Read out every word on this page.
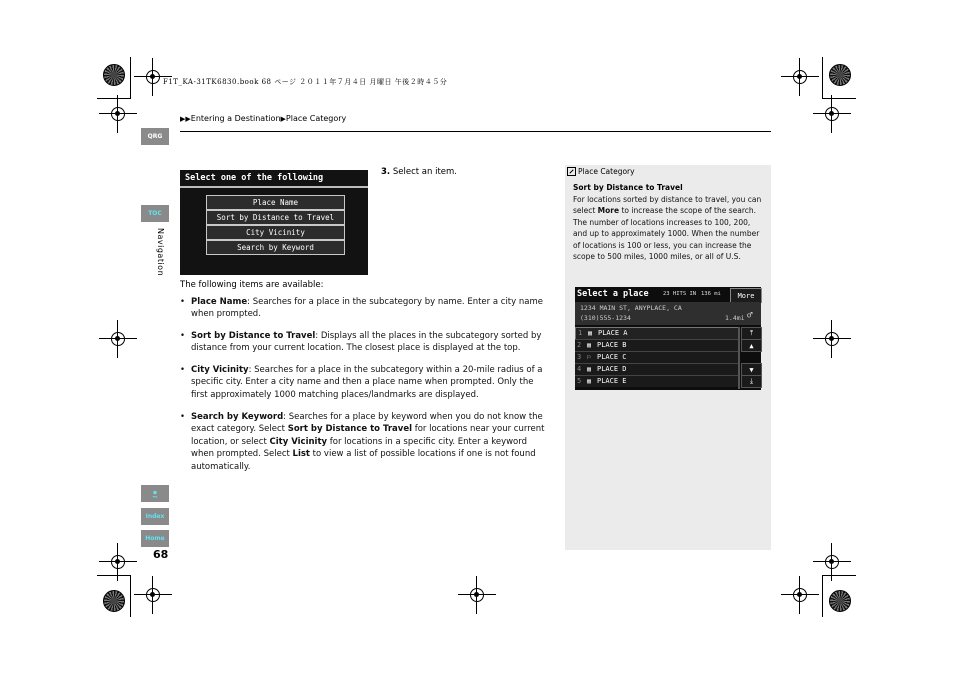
F1T_KA-31TK6830.book 68 ページ ２０１１年７月４日 月曜日 午後２時４５分
▶▶Entering a Destination▶Place Category
QRG
TOC
Navigation
ꔸ
Index
Home
68
Select one of the following
Place Name
Sort by Distance to Travel
City Vicinity
Search by Keyword
3. Select an item.
The following items are available:
• Place Name: Searches for a place in the subcategory by name. Enter a city name when prompted.
• Sort by Distance to Travel: Displays all the places in the subcategory sorted by distance from your current location. The closest place is displayed at the top.
• City Vicinity: Searches for a place in the subcategory within a 20-mile radius of a specific city. Enter a city name and then a place name when prompted. Only the first approximately 1000 matching places/landmarks are displayed.
• Search by Keyword: Searches for a place by keyword when you do not know the exact category. Select Sort by Distance to Travel for locations near your current location, or select City Vicinity for locations in a specific city. Enter a keyword when prompted. Select List to view a list of possible locations if one is not found automatically.
Place Category
Sort by Distance to Travel
For locations sorted by distance to travel, you can select More to increase the scope of the search. The number of locations increases to 100, 200, and up to approximately 1000. When the number of locations is 100 or less, you can increase the scope to 500 miles, 1000 miles, or all of U.S.
Select a place	23 HITS IN 136 mi	More
1234 MAIN ST, ANYPLACE, CA
(310)555-1234	1.4mi ♂
1 ▦ PLACE A
2 ▦ PLACE B
3 ⚐ PLACE C
4 ▦ PLACE D
5 ▦ PLACE E
⤒
▲
▼
⤓
